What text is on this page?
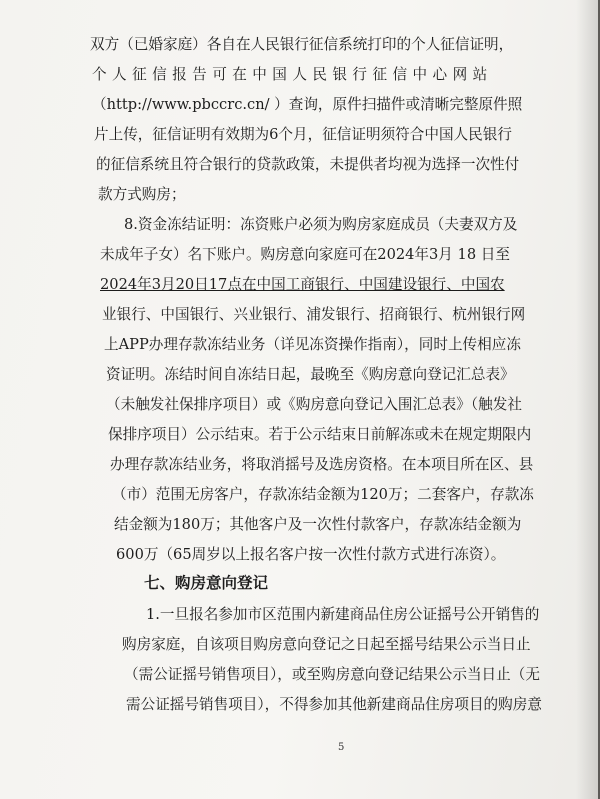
双方（已婚家庭）各自在人民银行征信系统打印的个人征信证明，
个 人 征 信 报 告 可 在 中 国 人 民 银 行 征 信 中 心 网 站
（http://www.pbccrc.cn/ ）查询，原件扫描件或清晰完整原件照
片上传，征信证明有效期为6个月，征信证明须符合中国人民银行
的征信系统且符合银行的贷款政策，未提供者均视为选择一次性付
款方式购房；
8.资金冻结证明：冻资账户必须为购房家庭成员（夫妻双方及
未成年子女）名下账户。购房意向家庭可在2024年3月 18 日至
2024年3月20日17点在中国工商银行、中国建设银行、中国农
业银行、中国银行、兴业银行、浦发银行、招商银行、杭州银行网
上APP办理存款冻结业务（详见冻资操作指南），同时上传相应冻
资证明。冻结时间自冻结日起，最晚至《购房意向登记汇总表》
（未触发社保排序项目）或《购房意向登记入围汇总表》（触发社
保排序项目）公示结束。若于公示结束日前解冻或未在规定期限内
办理存款冻结业务，将取消摇号及选房资格。在本项目所在区、县
（市）范围无房客户，存款冻结金额为120万；二套客户，存款冻
结金额为180万；其他客户及一次性付款客户，存款冻结金额为
600万（65周岁以上报名客户按一次性付款方式进行冻资）。
七、购房意向登记
1.一旦报名参加市区范围内新建商品住房公证摇号公开销售的
购房家庭，自该项目购房意向登记之日起至摇号结果公示当日止
（需公证摇号销售项目），或至购房意向登记结果公示当日止（无
需公证摇号销售项目），不得参加其他新建商品住房项目的购房意
5
